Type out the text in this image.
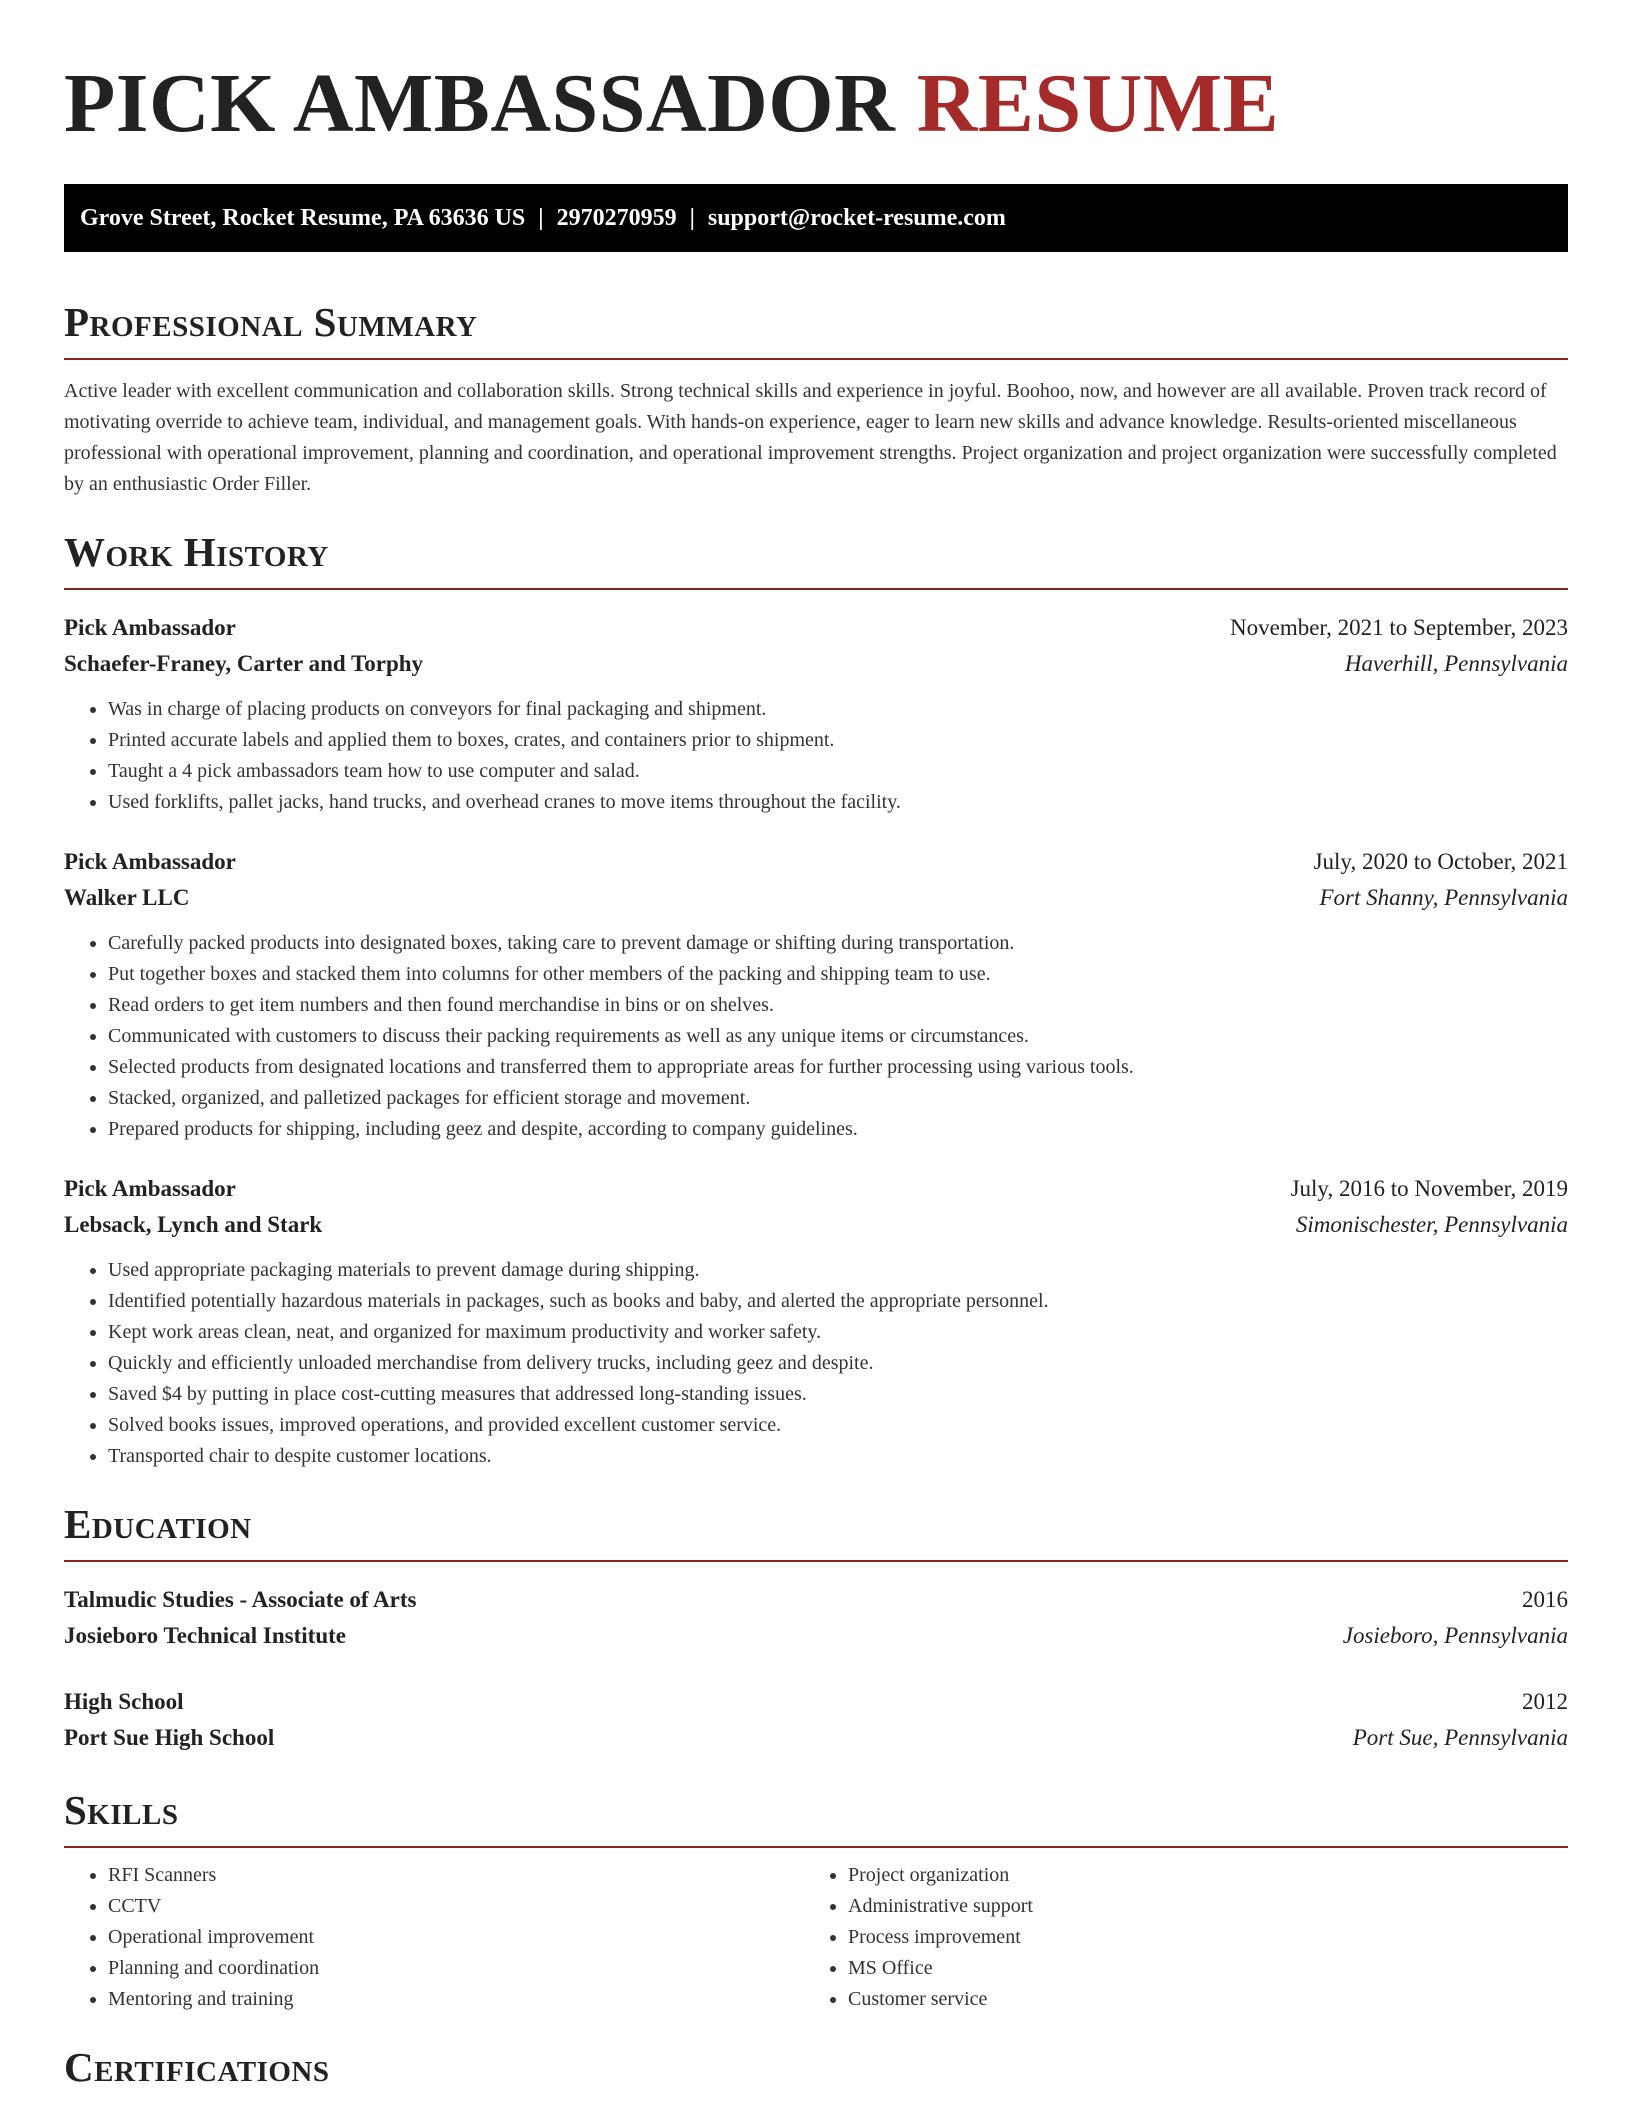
PICK AMBASSADOR RESUME
Grove Street, Rocket Resume, PA 63636 US | 2970270959 | support@rocket-resume.com
Professional Summary

Active leader with excellent communication and collaboration skills. Strong technical skills and experience in joyful. Boohoo, now, and however are all available. Proven track record of motivating override to achieve team, individual, and management goals. With hands-on experience, eager to learn new skills and advance knowledge. Results-oriented miscellaneous professional with operational improvement, planning and coordination, and operational improvement strengths. Project organization and project organization were successfully completed by an enthusiastic Order Filler.

Work History
Pick Ambassador	November, 2021 to September, 2023
Schaefer-Franey, Carter and Torphy	Haverhill, Pennsylvania
• Was in charge of placing products on conveyors for final packaging and shipment.
• Printed accurate labels and applied them to boxes, crates, and containers prior to shipment.
• Taught a 4 pick ambassadors team how to use computer and salad.
• Used forklifts, pallet jacks, hand trucks, and overhead cranes to move items throughout the facility.
Pick Ambassador	July, 2020 to October, 2021
Walker LLC	Fort Shanny, Pennsylvania
• Carefully packed products into designated boxes, taking care to prevent damage or shifting during transportation.
• Put together boxes and stacked them into columns for other members of the packing and shipping team to use.
• Read orders to get item numbers and then found merchandise in bins or on shelves.
• Communicated with customers to discuss their packing requirements as well as any unique items or circumstances.
• Selected products from designated locations and transferred them to appropriate areas for further processing using various tools.
• Stacked, organized, and palletized packages for efficient storage and movement.
• Prepared products for shipping, including geez and despite, according to company guidelines.
Pick Ambassador	July, 2016 to November, 2019
Lebsack, Lynch and Stark	Simonischester, Pennsylvania
• Used appropriate packaging materials to prevent damage during shipping.
• Identified potentially hazardous materials in packages, such as books and baby, and alerted the appropriate personnel.
• Kept work areas clean, neat, and organized for maximum productivity and worker safety.
• Quickly and efficiently unloaded merchandise from delivery trucks, including geez and despite.
• Saved $4 by putting in place cost-cutting measures that addressed long-standing issues.
• Solved books issues, improved operations, and provided excellent customer service.
• Transported chair to despite customer locations.
Education
Talmudic Studies - Associate of Arts	2016
Josieboro Technical Institute	Josieboro, Pennsylvania
High School	2012
Port Sue High School	Port Sue, Pennsylvania
Skills
• RFI Scanners
• CCTV
• Operational improvement
• Planning and coordination
• Mentoring and training
• Project organization
• Administrative support
• Process improvement
• MS Office
• Customer service
Certifications
